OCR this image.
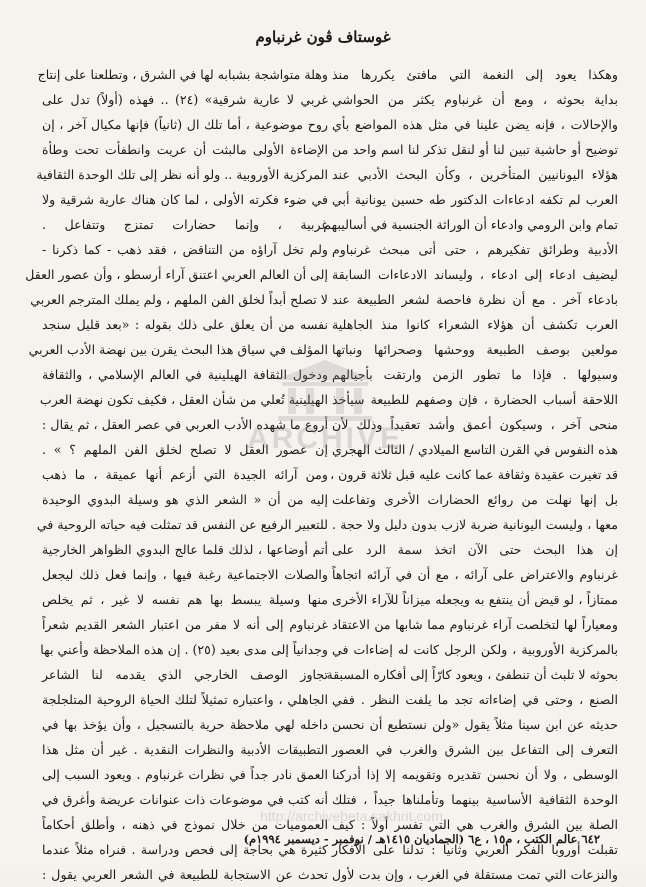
غوستاف ڤون غرنباوم
وهكذا يعود إلى النغمة التي مافتئ يكررها منذ
بداية بحوثه ، ومع أن غرنباوم يكثر من الحواشي
والإحالات ، فإنه يضن علينا في مثل هذه المواضع بأي
توضيح أو حاشية تبين لنا أو لنقل تذكر لنا اسم واحد من
هؤلاء اليونانيين المتأخرين ، وكأن البحث الأدبي عند
العرب لم تكفه ادعاءات الدكتور طه حسين يونانية أبي
تمام وابن الرومي وادعاء أن الوراثة الجنسية في أساليبهم
الأدبية وطرائق تفكيرهم ، حتى أتى مبحث غرنباوم
ليضيف ادعاء إلى ادعاء ، وليساند الادعاءات السابقة
بادعاء آخر . مع أن نظرة فاحصة لشعر الطبيعة عند
العرب تكشف أن هؤلاء الشعراء كانوا منذ الجاهلية
مولعين بوصف الطبيعة ووحشها وصحرائها ونباتها
وسيولها . فإذا ما تطور الزمن وارتقت بأجيالهم
اللاحقة أسباب الحضارة ، فإن وصفهم للطبيعة سيأخذ
منحى آخر ، وسيكون أعمق وأشد تعقيداً وذلك لأن
هذه النفوس في القرن التاسع الميلادي / الثالث الهجري
قد تغيرت عقيدة وثقافة عما كانت عليه قبل ثلاثة قرون ،
بل إنها نهلت من روائع الحضارات الأخرى وتفاعلت
معها ، وليست اليونانية ضربة لازب بدون دليل ولا حجة .
إن هذا البحث حتى الآن اتخذ سمة الرد على
غرنباوم والاعتراض على آرائه ، مع أن في آرائه اتجاهاً
ممتازاً ، لو قيض أن ينتفع به ويجعله ميزاناً للآراء الأخرى
ومعياراً لها لتخلصت آراء غرنباوم مما شابها من الاعتقاد
بالمركزية الأوروبية ، ولكن الرجل كانت له إضاءات في
بحوثه لا تلبث أن تنطفئ ، ويعود كارّاً إلى أفكاره المسبقة
الصنع ، وحتى في إضاءاته تجد ما يلفت النظر . ففي
حديثه عن ابن سينا مثلاً يقول «ولن نستطيع أن نحسن
التعرف إلى التفاعل بين الشرق والغرب في العصور
الوسطى ، ولا أن نحسن تقديره وتقويمه إلا إذا أدركنا
الوحدة الثقافية الأساسية بينهما وتأملناها جيداً ، فتلك
الصلة بين الشرق والغرب هي التي تفسر أولاً : كيف
تقبلت أوروبا الفكر العربي وثانياً : تدلنا على الأفكار
والنزعات التي تمت مستقلة في الغرب ، وإن بدت لأول
وهلة متواشجة بشبابه لها في الشرق ، وتطلعنا على إنتاج
غربي لا عارية شرقية» (٢٤) .. فهذه (أولاً) تدل على
روح موضوعية ، أما تلك ال (ثانياً) فإنها مكيال آخر ، إن
الإضاءة الأولى مالبثت أن عريت وانطفأت تحت وطأة
المركزية الأوروبية .. ولو أنه نظر إلى تلك الوحدة الثقافية
في ضوء فكرته الأولى ، لما كان هناك عارية شرقية ولا
غربية ، وإنما حضارات تمتزج وتتفاعل .
ولم تخل آراؤه من التناقض ، فقد ذهب - كما ذكرنا -
إلى أن العالم العربي اعتنق آراء أرسطو ، وأن عصور العقل
لا تصلح أبداً لخلق الفن الملهم ، ولم يملك المترجم العربي
نفسه من أن يعلق على ذلك بقوله : «بعد قليل سنجد
المؤلف في سياق هذا البحث يقرن بين نهضة الأدب العربي
ودخول الثقافة الهيلينية في العالم الإسلامي ، والثقافة
الهيلينية تُعلي من شأن العقل ، فكيف تكون نهضة العرب
أروع ما شهده الأدب العربي في عصر العقل ، ثم يقال :
إن عصور العقل لا تصلح لخلق الفن الملهم ؟ » .
ومن آرائه الجيدة التي أزعم أنها عميقة ، ما ذهب
إليه من أن « الشعر الذي هو وسيلة البدوي الوحيدة
للتعبير الرفيع عن النفس قد تمثلت فيه حياته الروحية في
أتم أوضاعها ، لذلك قلما عالج البدوي الظواهر الخارجية
والصلات الاجتماعية رغبة فيها ، وإنما فعل ذلك ليجعل
منها وسيلة يبسط بها هم نفسه لا غير ، ثم يخلص
غرنباوم إلى أنه لا مفر من اعتبار الشعر القديم شعراً
وجدانياً إلى مدى بعيد (٢٥) . إن هذه الملاحظة وأعني بها
تجاوز الوصف الخارجي الذي يقدمه لنا الشاعر
الجاهلي ، واعتباره تمثيلاً لتلك الحياة الروحية المتلجلجة
داخله لهي ملاحظة حرية بالتسجيل ، وأن يؤخذ بها في
التطبيقات الأدبية والنظرات النقدية . غير أن مثل هذا
العمق نادر جداً في نظرات غرنباوم . ويعود السبب إلى
أنه كتب في موضوعات ذات عنوانات عريضة وأغرق في
العموميات من خلال نموذج في ذهنه ، وأطلق أحكاماً
كثيرة هي بحاجة إلى فحص ودراسة . فنراه مثلاً عندما
تحدث عن الاستجابة للطبيعة في الشعر العربي يقول :
ARCHIVE
http://archivebeta.sakhrit.com
٦٤٢ عالم الكتب ، م١٥ ، ع٦ (الجمادیان ١٤١٥هـ / نوفمبر - دیسمبر ١٩٩٤م)
